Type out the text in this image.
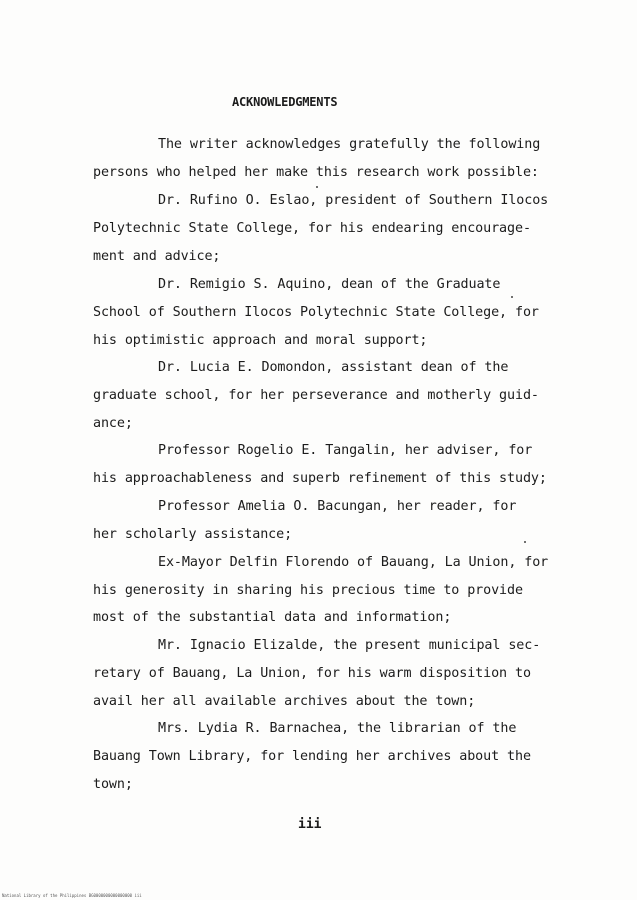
ACKNOWLEDGMENTS
The writer acknowledges gratefully the following
persons who helped her make this research work possible:
Dr. Rufino O. Eslao, president of Southern Ilocos
Polytechnic State College, for his endearing encourage-
ment and advice;
Dr. Remigio S. Aquino, dean of the Graduate
School of Southern Ilocos Polytechnic State College, for
his optimistic approach and moral support;
Dr. Lucia E. Domondon, assistant dean of the
graduate school, for her perseverance and motherly guid-
ance;
Professor Rogelio E. Tangalin, her adviser, for
his approachableness and superb refinement of this study;
Professor Amelia O. Bacungan, her reader, for
her scholarly assistance;
Ex-Mayor Delfin Florendo of Bauang, La Union, for
his generosity in sharing his precious time to provide
most of the substantial data and information;
Mr. Ignacio Elizalde, the present municipal sec-
retary of Bauang, La Union, for his warm disposition to
avail her all available archives about the town;
Mrs. Lydia R. Barnachea, the librarian of the
Bauang Town Library, for lending her archives about the
town;
iii
National Library of the Philippines BG0000000000000000 iii
